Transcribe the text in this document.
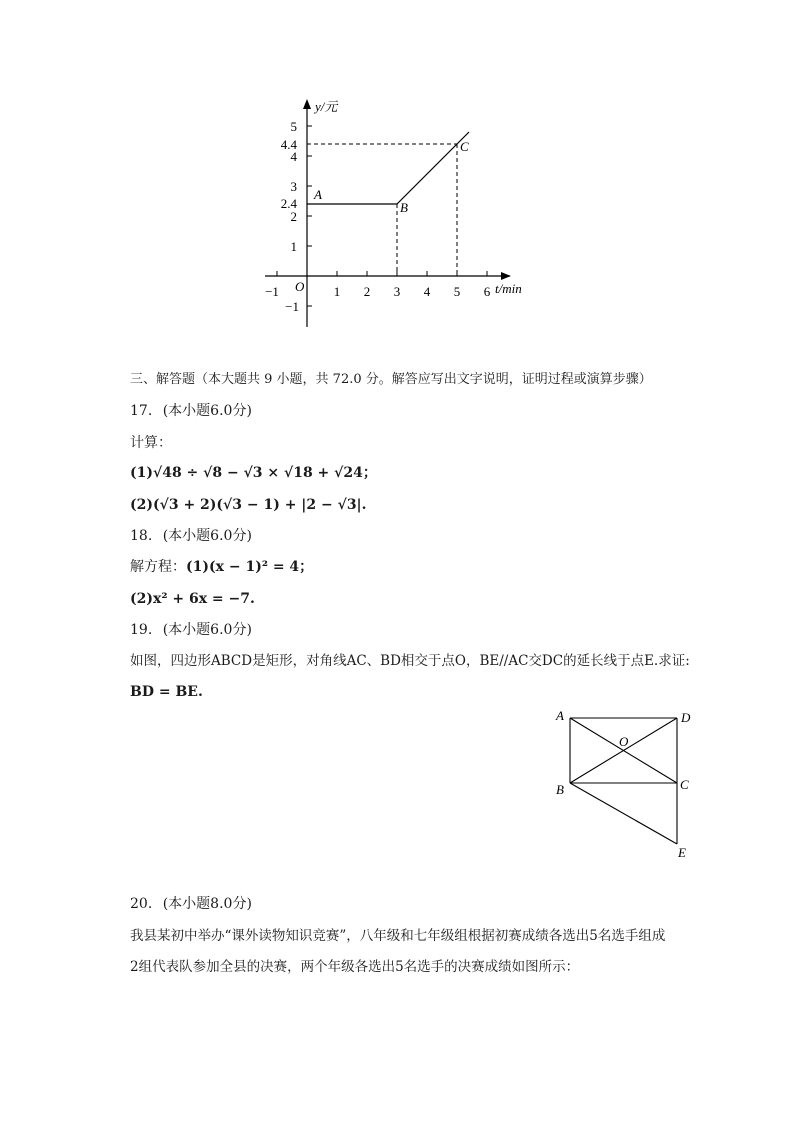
5
4.4
4
3
2.4
2
1
−1
−1	1 2 3 4 5 6
y/元
t/min
O
A
B
C
三、解答题（本大题共 9 小题，共 72.0 分。解答应写出文字说明，证明过程或演算步骤）
17. (本小题6.0分)
计算：
(1)√48 ÷ √8 − √3 × √18 + √24；
(2)(√3 + 2)(√3 − 1) + |2 − √3|.
18. (本小题6.0分)
解方程：(1)(x − 1)² = 4；
(2)x² + 6x = −7.
19. (本小题6.0分)
如图，四边形ABCD是矩形，对角线AC、BD相交于点O，BE//AC交DC的延长线于点E.求证:
BD = BE.
A	D
O
B	C
E
20. (本小题8.0分)
我县某初中举办“课外读物知识竞赛”，八年级和七年级组根据初赛成绩各选出5名选手组成
2组代表队参加全县的决赛，两个年级各选出5名选手的决赛成绩如图所示：
